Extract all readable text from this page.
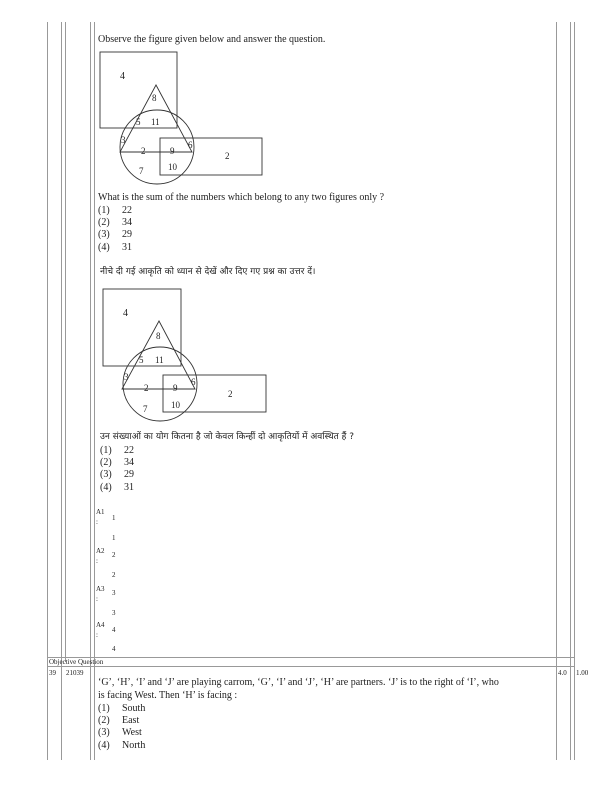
Observe the figure given below and answer the question.
4
8
5 11
3
2	9
6
2
7	10
What is the sum of the numbers which belong to any two figures only ?
(1) 22
(2) 34
(3) 29
(4) 31
नीचे दी गई आकृति को ध्यान से देखें और दिए गए प्रश्न का उत्तर दें।
4
8
5 11
3
2	9
6
2
7	10
उन संख्याओं का योग कितना है जो केवल किन्हीं दो आकृतियों में अवस्थित हैं ?
(1) 22
(2) 34
(3) 29
(4) 31
A1
: 1
1
A2
:
2
2
A3
:
3
3
A4
:
4
4
Objective Question
39 21039
‘G’, ‘H’, ‘I’ and ‘J’ are playing carrom, ‘G’, ‘I’ and ‘J’, ‘H’ are partners. ‘J’ is to the right of ‘I’, who
is facing West. Then ‘H’ is facing :
(1) South
(2) East
(3) West
(4) North
4.0 1.00
